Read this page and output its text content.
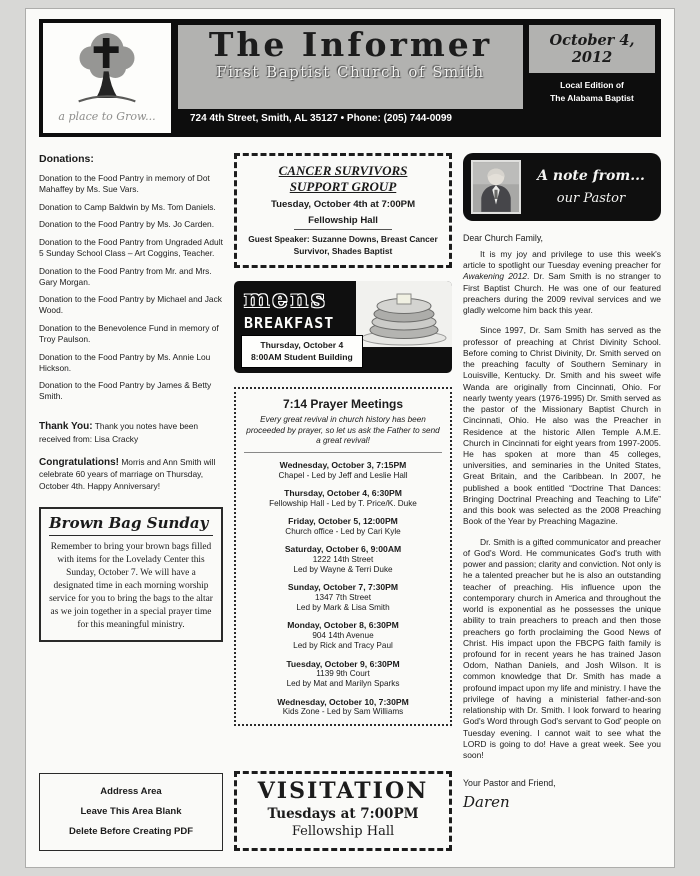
a place to Grow...
The Informer
First Baptist Church of Smith
October 4, 2012
Local Edition of
The Alabama Baptist
724 4th Street, Smith, AL 35127 • Phone: (205) 744-0099
Donations:

Donation to the Food Pantry in memory of Dot Mahaffey by Ms. Sue Vars.

Donation to Camp Baldwin by Ms. Tom Daniels.

Donation to the Food Pantry by Ms. Jo Carden.

Donation to the Food Pantry from Ungraded Adult 5 Sunday School Class – Art Coggins, Teacher.

Donation to the Food Pantry from Mr. and Mrs. Gary Morgan.

Donation to the Food Pantry by Michael and Jack Wood.

Donation to the Benevolence Fund in memory of Troy Paulson.

Donation to the Food Pantry by Ms. Annie Lou Hickson.

Donation to the Food Pantry by James & Betty Smith.

Thank You: Thank you notes have been received from: Lisa Cracky

Congratulations! Morris and Ann Smith will celebrate 60 years of marriage on Thursday, October 4th. Happy Anniversary!

Brown Bag Sunday
Remember to bring your brown bags filled with items for the Lovelady Center this Sunday, October 7. We will have a designated time in each morning worship service for you to bring the bags to the altar as we join together in a special prayer time for this meaningful ministry.
Address Area
Leave This Area Blank
Delete Before Creating PDF
CANCER SURVIVORS
SUPPORT GROUP
Tuesday, October 4th at 7:00PM
Fellowship Hall
Guest Speaker: Suzanne Downs, Breast Cancer Survivor, Shades Baptist
mens
BREAKFAST
Thursday, October 4
8:00AM Student Building
7:14 Prayer Meetings
Every great revival in church history has been proceeded by prayer, so let us ask the Father to send a great revival!
Wednesday, October 3, 7:15PM
Chapel - Led by Jeff and Leslie Hall
Thursday, October 4, 6:30PM
Fellowship Hall - Led by T. Price/K. Duke
Friday, October 5, 12:00PM
Church office - Led by Cari Kyle
Saturday, October 6, 9:00AM
1222 14th Street
Led by Wayne & Terri Duke
Sunday, October 7, 7:30PM
1347 7th Street
Led by Mark & Lisa Smith
Monday, October 8, 6:30PM
904 14th Avenue
Led by Rick and Tracy Paul
Tuesday, October 9, 6:30PM
1139 9th Court
Led by Mat and Marilyn Sparks
Wednesday, October 10, 7:30PM
Kids Zone - Led by Sam Williams
VISITATION
Tuesdays at 7:00PM
Fellowship Hall
A note from...
our Pastor
Dear Church Family,

It is my joy and privilege to use this week's article to spotlight our Tuesday evening preacher for Awakening 2012. Dr. Sam Smith is no stranger to First Baptist Church. He was one of our featured preachers during the 2009 revival services and we gladly welcome him back this year.

Since 1997, Dr. Sam Smith has served as the professor of preaching at Christ Divinity School. Before coming to Christ Divinity, Dr. Smith served on the preaching faculty of Southern Seminary in Louisville, Kentucky. Dr. Smith and his sweet wife Wanda are originally from Cincinnati, Ohio. For nearly twenty years (1976-1995) Dr. Smith served as the pastor of the Missionary Baptist Church in Cincinnati, Ohio. He also was the Preacher in Residence at the historic Allen Temple A.M.E. Church in Cincinnati for eight years from 1997-2005. He has spoken at more than 45 colleges, universities, and seminaries in the United States, Great Britain, and the Caribbean. In 2007, he published a book entitled “Doctrine That Dances: Bringing Doctrinal Preaching and Teaching to Life” and this book was selected as the 2008 Preaching Book of the Year by Preaching Magazine.

Dr. Smith is a gifted communicator and preacher of God's Word. He communicates God's truth with power and passion; clarity and conviction. Not only is he a talented preacher but he is also an outstanding teacher of preaching. His influence upon the contemporary church in America and throughout the world is exponential as he possesses the unique ability to train preachers to preach and then those preachers go forth proclaiming the Good News of Christ. His impact upon the FBCPG faith family is profound for in recent years he has trained Jason Odom, Nathan Daniels, and Josh Wilson. It is common knowledge that Dr. Smith has made a profound impact upon my life and ministry. I have the privilege of having a ministerial father-and-son relationship with Dr. Smith. I look forward to hearing God's Word through God's servant to God' people on Tuesday evening. I cannot wait to see what the LORD is going to do! Have a great week. See you soon!

Your Pastor and Friend,
Daren
